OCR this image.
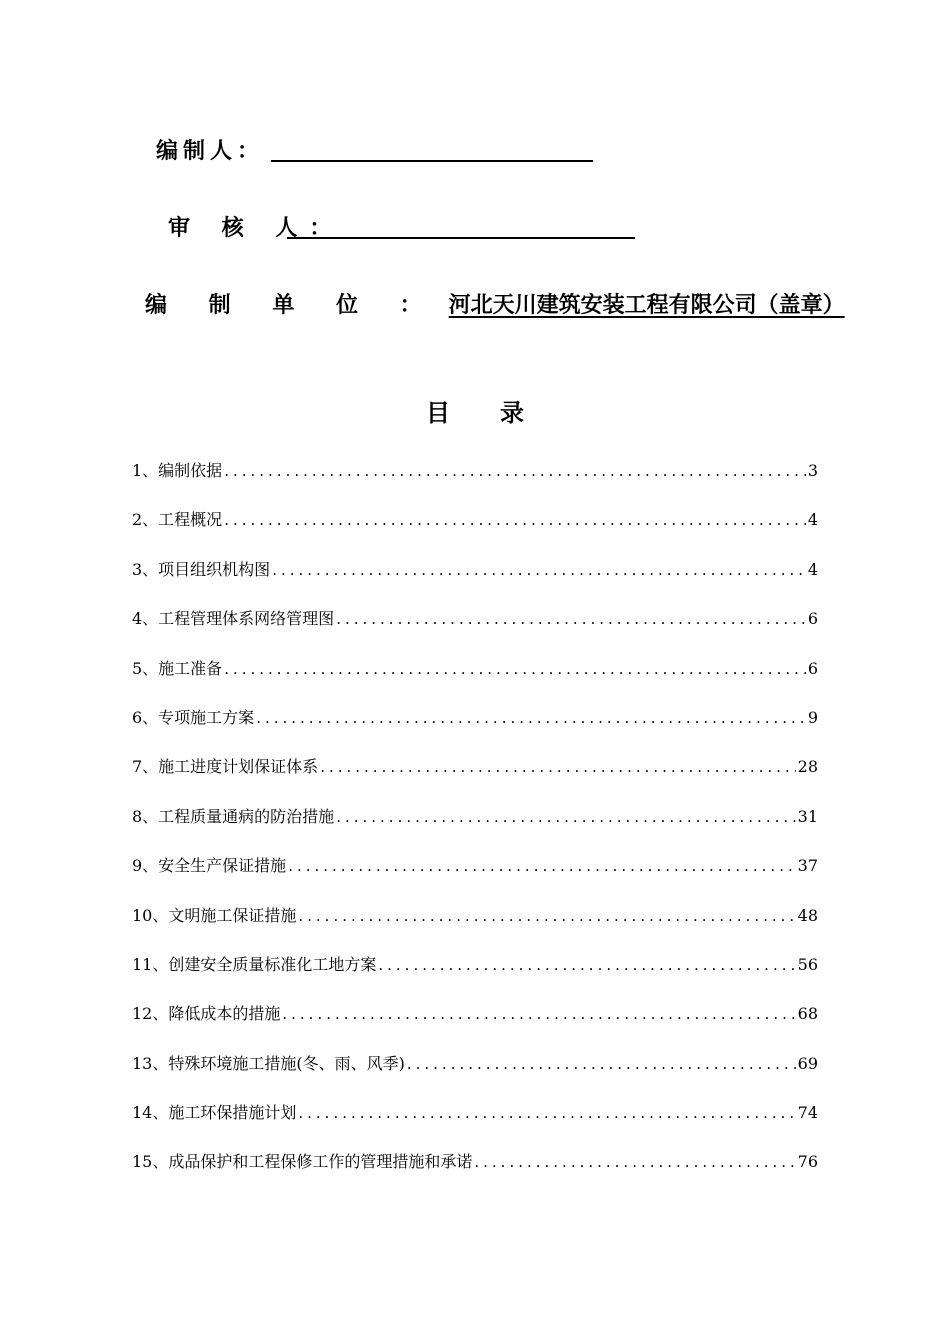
编制人：
审 核 人：
编 制 单 位 ： 河北天川建筑安装工程有限公司（盖章）
目录
1、编制依据 .....	3
2、工程概况 .....	4
3、项目组织机构图 .....	4
4、工程管理体系网络管理图 .....	6
5、施工准备 .....	6
6、专项施工方案 .....	9
7、施工进度计划保证体系 .....	28
8、工程质量通病的防治措施 .....	31
9、安全生产保证措施 .....	37
10、文明施工保证措施 .....	48
11、创建安全质量标准化工地方案 .....	56
12、降低成本的措施 .....	68
13、特殊环境施工措施(冬、雨、风季) .....	69
14、施工环保措施计划 .....	74
15、成品保护和工程保修工作的管理措施和承诺 .....	76
